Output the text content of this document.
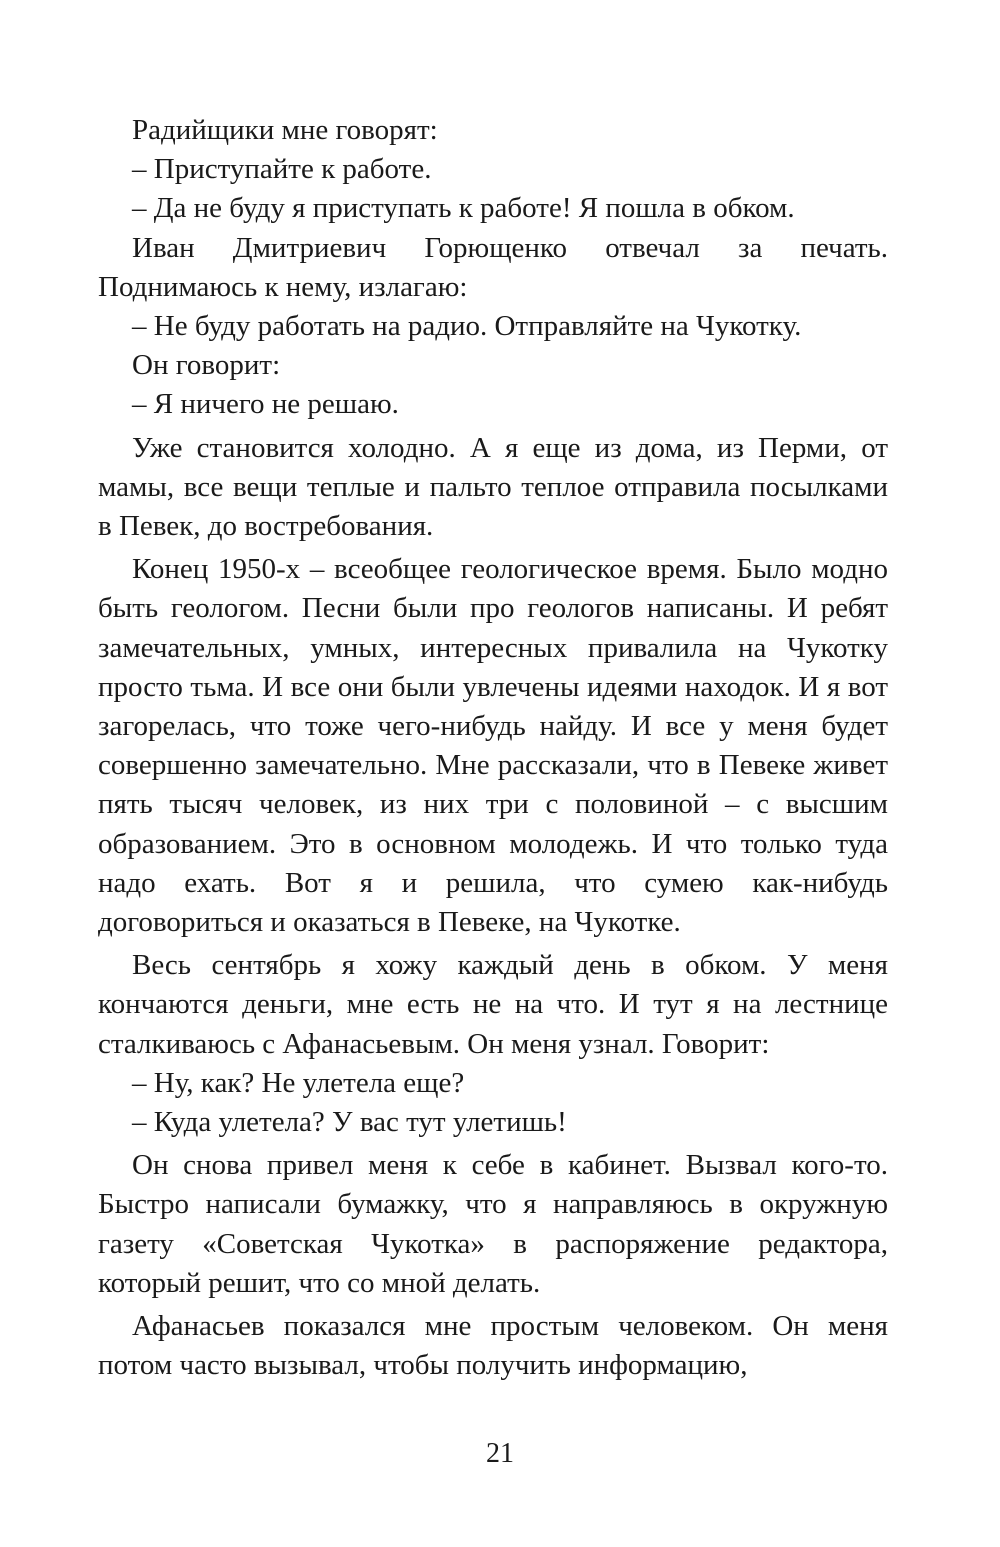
Радийщики мне говорят:

– Приступайте к работе.

– Да не буду я приступать к работе! Я пошла в обком.

Иван Дмитриевич Горющенко отвечал за печать. Поднимаюсь к нему, излагаю:

– Не буду работать на радио. Отправляйте на Чукотку.

Он говорит:

– Я ничего не решаю.

Уже становится холодно. А я еще из дома, из Перми, от мамы, все вещи теплые и пальто теплое отправила посылками в Певек, до востребования.

Конец 1950-х – всеобщее геологическое время. Было модно быть геологом. Песни были про геологов написаны. И ребят замечательных, умных, интересных привалила на Чукотку просто тьма. И все они были увлечены идеями находок. И я вот загорелась, что тоже чего-нибудь найду. И все у меня будет совершенно замечательно. Мне рассказали, что в Певеке живет пять тысяч человек, из них три с половиной – с высшим образованием. Это в основном молодежь. И что только туда надо ехать. Вот я и решила, что сумею как-нибудь договориться и оказаться в Певеке, на Чукотке.

Весь сентябрь я хожу каждый день в обком. У меня кончаются деньги, мне есть не на что. И тут я на лестнице сталкиваюсь с Афанасьевым. Он меня узнал. Говорит:

– Ну, как? Не улетела еще?

– Куда улетела? У вас тут улетишь!

Он снова привел меня к себе в кабинет. Вызвал кого-то. Быстро написали бумажку, что я направляюсь в окружную газету «Советская Чукотка» в распоряжение редактора, который решит, что со мной делать.

Афанасьев показался мне простым человеком. Он меня потом часто вызывал, чтобы получить информацию,

21
